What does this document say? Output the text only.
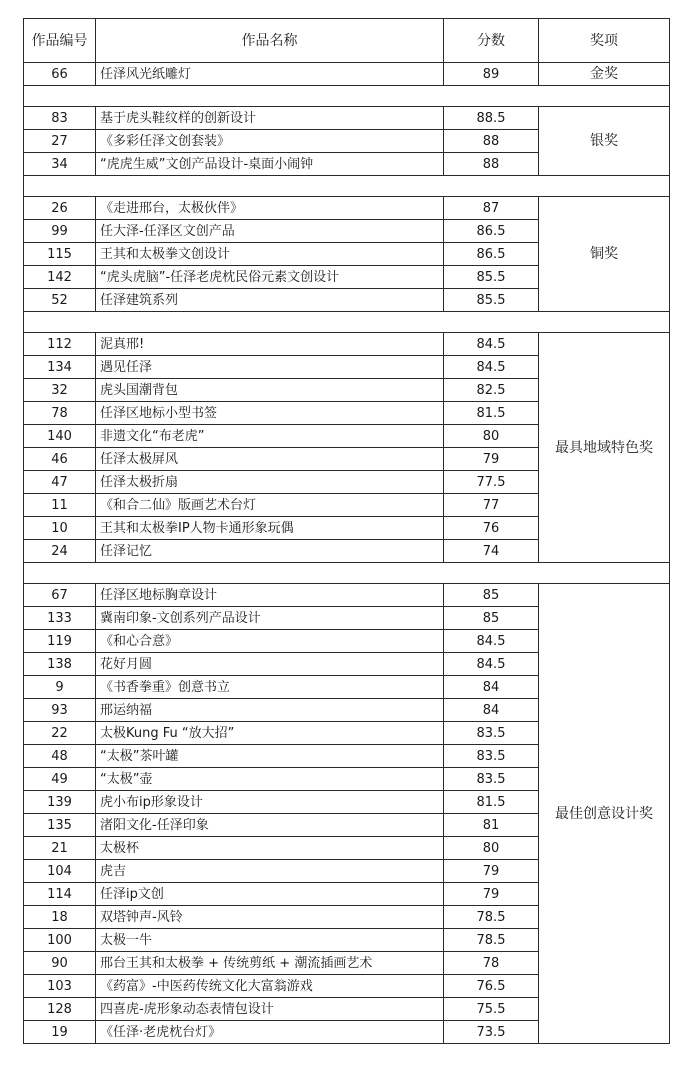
作品编号	作品名称	分数	奖项
66	任泽风光纸雕灯	89	金奖

83	基于虎头鞋纹样的创新设计	88.5	银奖
27	《多彩任泽文创套装》	88	
34	“虎虎生威”文创产品设计-桌面小闹钟	88	

26	《走进邢台，太极伙伴》	87	铜奖
99	任大泽-任泽区文创产品	86.5	
115	王其和太极拳文创设计	86.5	
142	“虎头虎脑”-任泽老虎枕民俗元素文创设计	85.5	
52	任泽建筑系列	85.5	

112	泥真邢!	84.5	最具地域特色奖
134	遇见任泽	84.5	
32	虎头国潮背包	82.5	
78	任泽区地标小型书签	81.5	
140	非遗文化“布老虎”	80	
46	任泽太极屏风	79	
47	任泽太极折扇	77.5	
11	《和合二仙》版画艺术台灯	77	
10	王其和太极拳IP人物卡通形象玩偶	76	
24	任泽记忆	74	

67	任泽区地标胸章设计	85	最佳创意设计奖
133	冀南印象-文创系列产品设计	85	
119	《和心合意》	84.5	
138	花好月圆	84.5	
9	《书香拳重》创意书立	84	
93	邢运纳福	84	
22	太极Kung Fu “放大招”	83.5	
48	“太极”茶叶罐	83.5	
49	“太极”壶	83.5	
139	虎小布ip形象设计	81.5	
135	渚阳文化-任泽印象	81	
21	太极杯	80	
104	虎吉	79	
114	任泽ip文创	79	
18	双塔钟声-风铃	78.5	
100	太极一牛	78.5	
90	邢台王其和太极拳 + 传统剪纸 + 潮流插画艺术	78	
103	《药富》-中医药传统文化大富翁游戏	76.5	
128	四喜虎-虎形象动态表情包设计	75.5	
19	《任泽·老虎枕台灯》	73.5	
